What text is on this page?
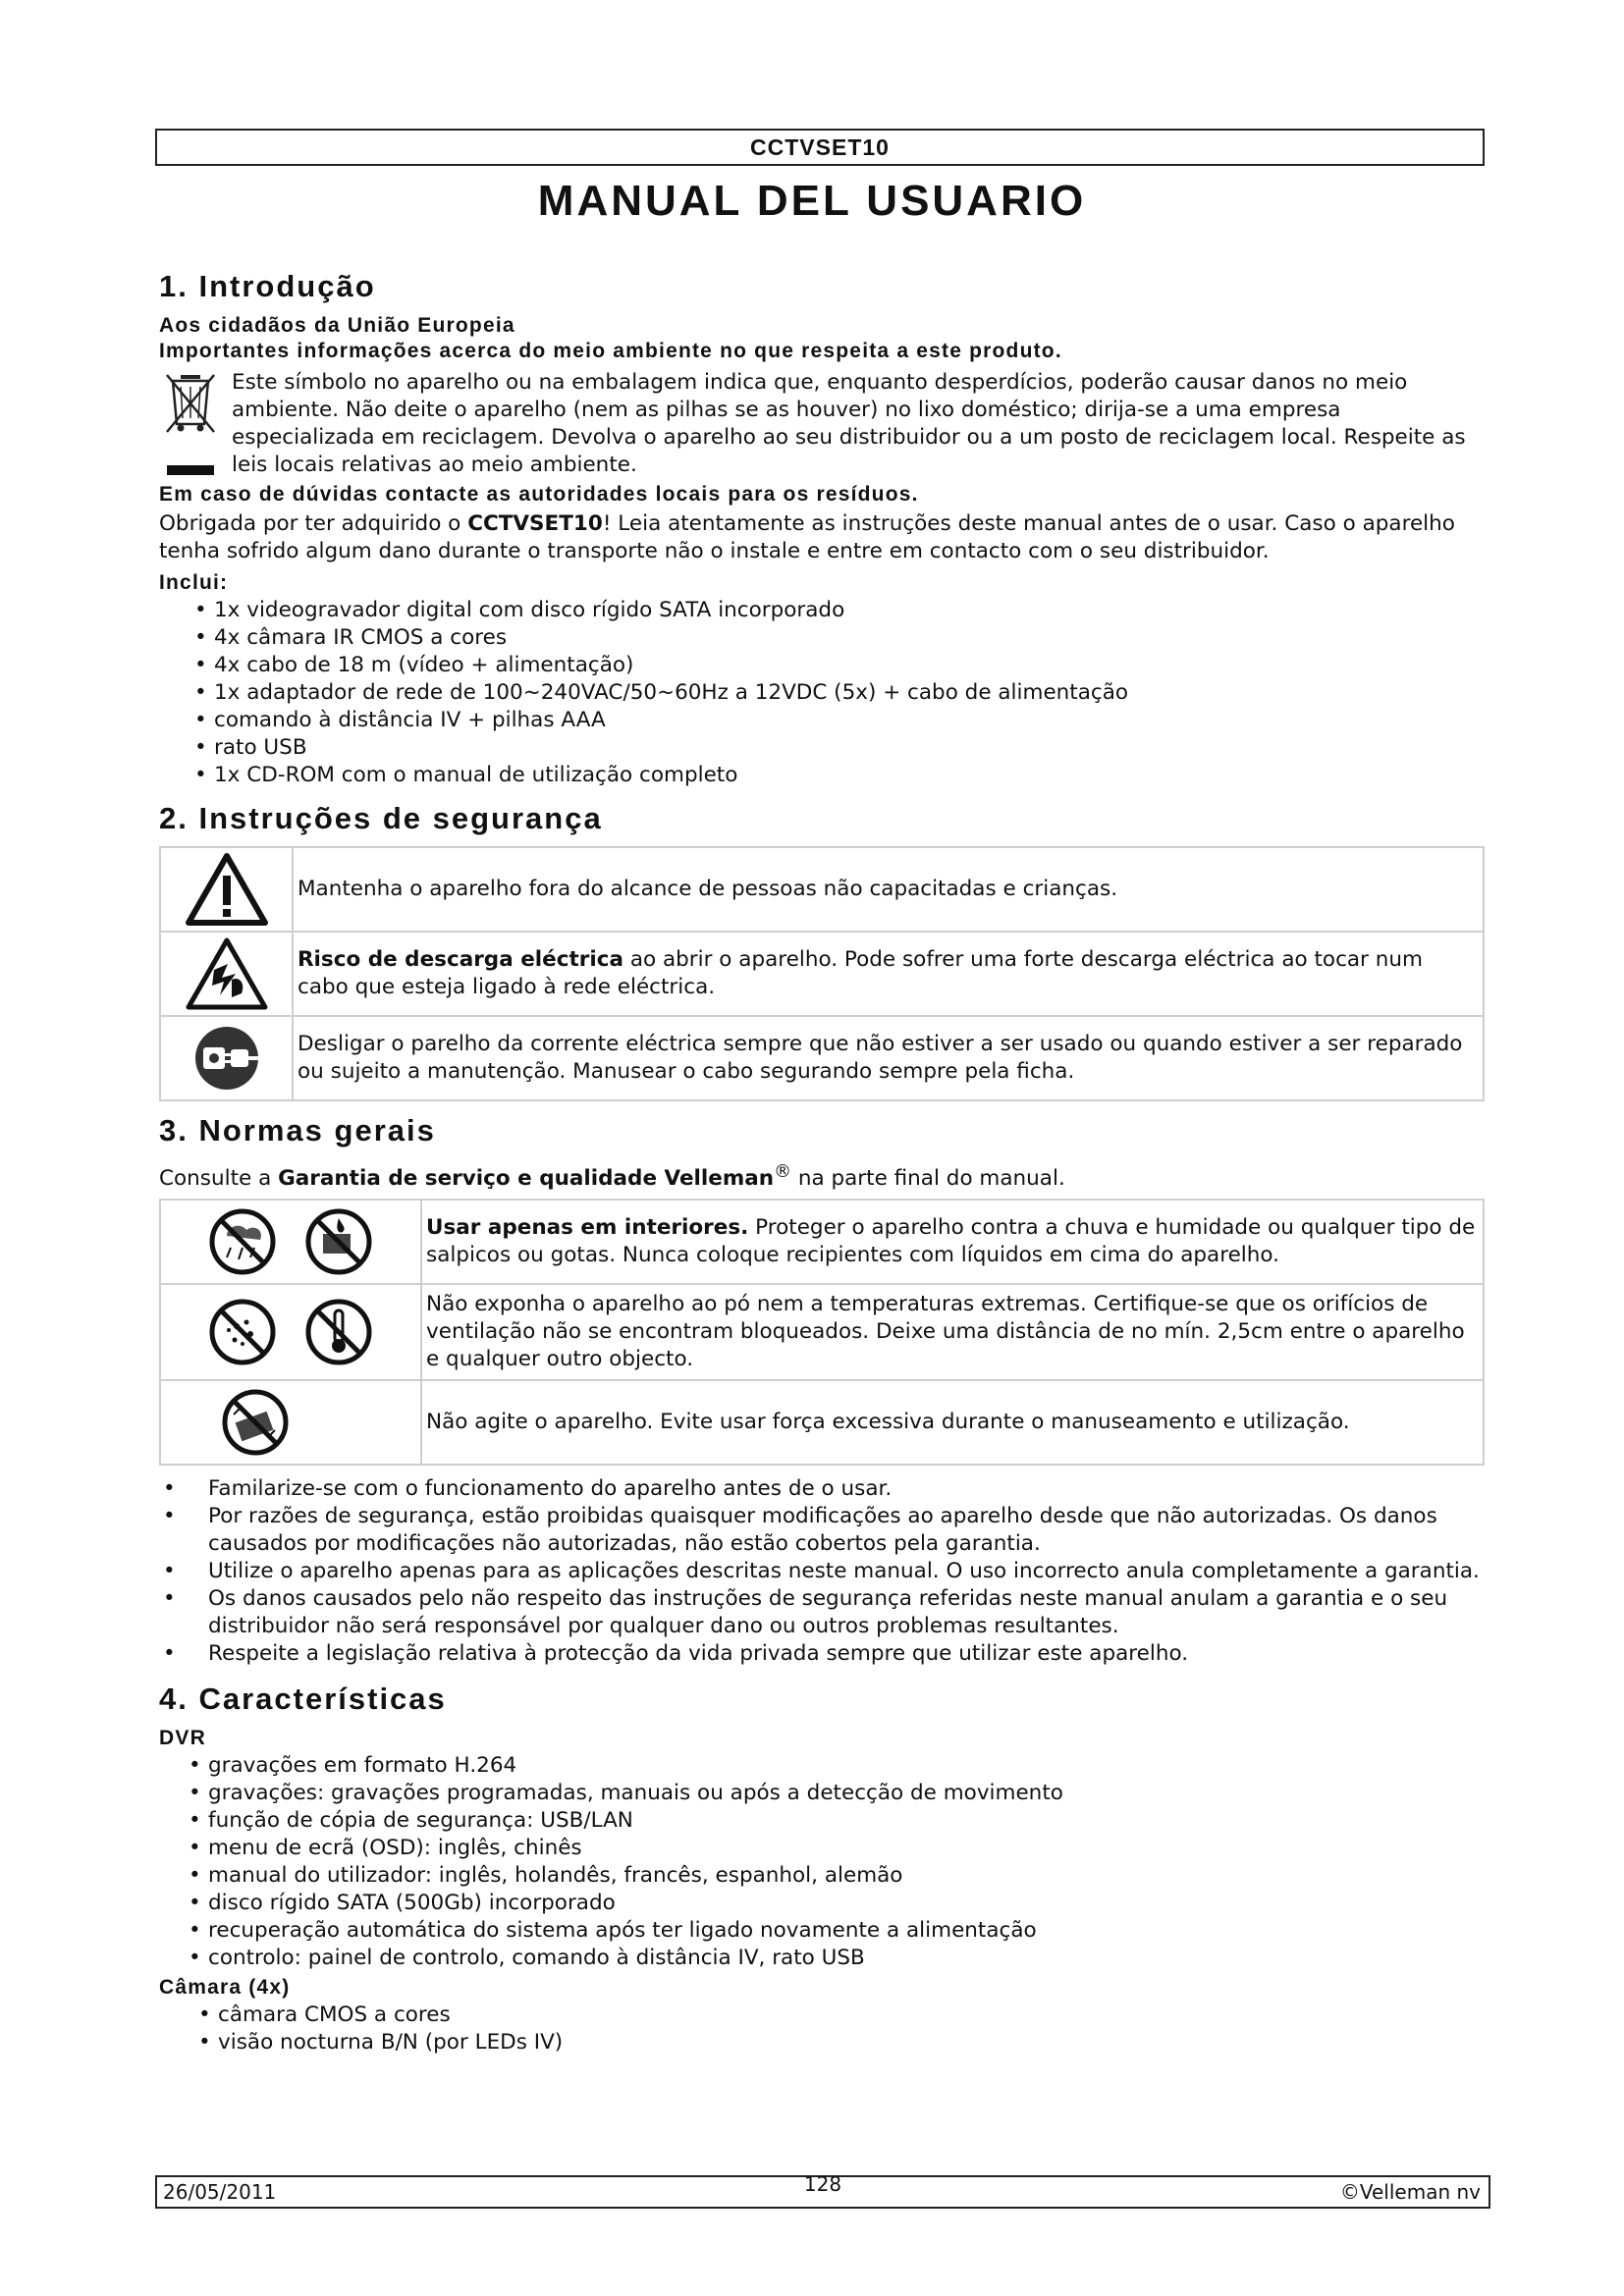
CCTVSET10
MANUAL DEL USUARIO
1. Introdução
Aos cidadãos da União Europeia
Importantes informações acerca do meio ambiente no que respeita a este produto.
Este símbolo no aparelho ou na embalagem indica que, enquanto desperdícios, poderão causar danos no meio ambiente. Não deite o aparelho (nem as pilhas se as houver) no lixo doméstico; dirija-se a uma empresa especializada em reciclagem. Devolva o aparelho ao seu distribuidor ou a um posto de reciclagem local. Respeite as leis locais relativas ao meio ambiente.
Em caso de dúvidas contacte as autoridades locais para os resíduos.

Obrigada por ter adquirido o CCTVSET10! Leia atentamente as instruções deste manual antes de o usar. Caso o aparelho tenha sofrido algum dano durante o transporte não o instale e entre em contacto com o seu distribuidor.

Inclui:
• 1x videogravador digital com disco rígido SATA incorporado
• 4x câmara IR CMOS a cores
• 4x cabo de 18 m (vídeo + alimentação)
• 1x adaptador de rede de 100~240VAC/50~60Hz a 12VDC (5x) + cabo de alimentação
• comando à distância IV + pilhas AAA
• rato USB
• 1x CD-ROM com o manual de utilização completo
2. Instruções de segurança
	Mantenha o aparelho fora do alcance de pessoas não capacitadas e crianças.
	Risco de descarga eléctrica ao abrir o aparelho. Pode sofrer uma forte descarga eléctrica ao tocar num cabo que esteja ligado à rede eléctrica.
	Desligar o parelho da corrente eléctrica sempre que não estiver a ser usado ou quando estiver a ser reparado ou sujeito a manutenção. Manusear o cabo segurando sempre pela ficha.
3. Normas gerais

Consulte a Garantia de serviço e qualidade Velleman® na parte final do manual.

	Usar apenas em interiores. Proteger o aparelho contra a chuva e humidade ou qualquer tipo de salpicos ou gotas. Nunca coloque recipientes com líquidos em cima do aparelho.
	Não exponha o aparelho ao pó nem a temperaturas extremas. Certifique-se que os orifícios de ventilação não se encontram bloqueados. Deixe uma distância de no mín. 2,5cm entre o aparelho e qualquer outro objecto.
	Não agite o aparelho. Evite usar força excessiva durante o manuseamento e utilização.
• Familarize-se com o funcionamento do aparelho antes de o usar.
• Por razões de segurança, estão proibidas quaisquer modificações ao aparelho desde que não autorizadas. Os danos causados por modificações não autorizadas, não estão cobertos pela garantia.
• Utilize o aparelho apenas para as aplicações descritas neste manual. O uso incorrecto anula completamente a garantia.
• Os danos causados pelo não respeito das instruções de segurança referidas neste manual anulam a garantia e o seu distribuidor não será responsável por qualquer dano ou outros problemas resultantes.
• Respeite a legislação relativa à protecção da vida privada sempre que utilizar este aparelho.
4. Características
DVR
• gravações em formato H.264
• gravações: gravações programadas, manuais ou após a detecção de movimento
• função de cópia de segurança: USB/LAN
• menu de ecrã (OSD): inglês, chinês
• manual do utilizador: inglês, holandês, francês, espanhol, alemão
• disco rígido SATA (500Gb) incorporado
• recuperação automática do sistema após ter ligado novamente a alimentação
• controlo: painel de controlo, comando à distância IV, rato USB
Câmara (4x)
• câmara CMOS a cores
• visão nocturna B/N (por LEDs IV)
26/05/2011	128	©Velleman nv
